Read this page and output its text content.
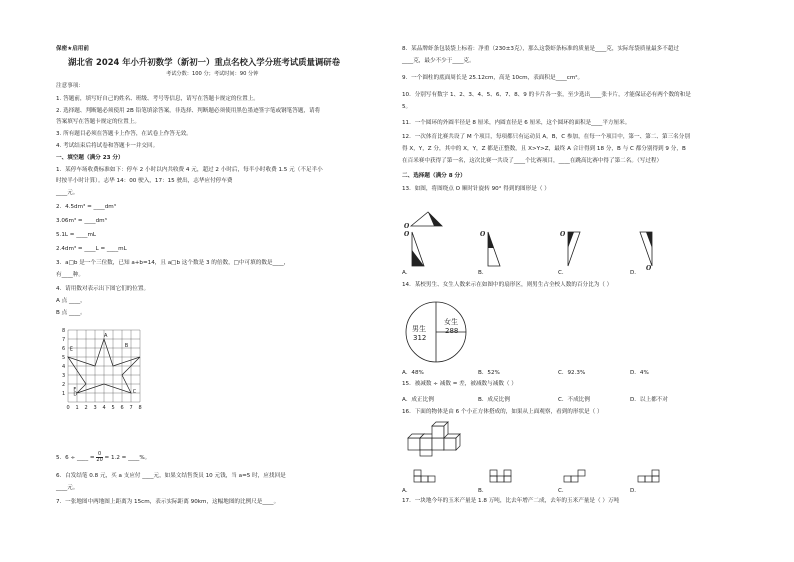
保密★启用前
湖北省 2024 年小升初数学（新初一）重点名校入学分班考试质量调研卷
考试分数：100 分；考试时间：90 分钟
注意事项：
1. 答题前，填写好自己的姓名、班级、考号等信息，请写在答题卡规定的位置上。
2. 选择题、判断题必须使用 2B 铅笔填涂答案，非选择、判断题必须使用黑色墨迹签字笔或钢笔答题，请将
答案填写在答题卡规定的位置上。
3. 所有题目必须在答题卡上作答，在试卷上作答无效。
4. 考试结束后将试卷和答题卡一并交回。
一、填空题（满分 23 分）
1．某停车场收费标准如下：停车 2 小时以内共收费 4 元，超过 2 小时后，每半小时收费 1.5 元（不足半小
时按半小时计算）。志华 14：00 驶入，17：15 驶出，志华应付停车费
____元。
2．4.5dm³ = ____dm³
3.06m³ = ____dm³
5.1L = ____mL
2.4dm³ = ____L = ____mL
3．a□b 是一个三位数，已知 a+b=14，且 a□b 这个数是 3 的倍数，□中可填的数是____，
有____种。
4．请用数对表示出下图它们的位置。
A 点 ____，
B 点 ____。
0 1 2 3 4 5 6 7 8
1
2
3
4
5
6
7
8
A
B
C
D
E
F
5．6 ÷ ____ = $\frac{0}{20} = 1.2$ = ____%。
6．白发结笔 0.8 元，买 a 支应付 ____元，如果文结售货员 10 元钱，当 a=5 时，应找回是
____元。
7．一张地图中两地图上距离为 15cm，表示实际距离 90km，这幅地图的比例尺是____。
8．某品牌虾条包装袋上标着：净重（230±3克），那么这袋虾条标准的质量是____克，实际每袋质量最多不超过
____克，最少不少于____克。
9．一个圆柱的底面周长是 25.12cm，高是 10cm，表面积是____cm²。
10．分别写有数字 1、2、3、4、5、6、7、8、9 的卡片各一张，至少选出____张卡片，才能保证必有两个数的和是
5。
11．一个圆环的外圆半径是 8 厘米，内圆直径是 6 厘米，这个圆环的面积是____平方厘米。
12．一次体育比赛共设了 M 个项目，每项都只有运动员 A，B，C 参加，在每一个项目中，第一、第二、第三名分别
得 X，Y，Z 分，其中的 X，Y，Z 都是正整数，且 X>Y>Z，最终 A 合计得到 18 分，B 与 C 都分别得到 9 分，B
在百米赛中获得了第一名，这次比赛一共设了____个比赛项目，____在跳高比赛中得了第二名。（写过程）
二、选择题（满分 8 分）
13．如图，将图绕点 O 顺时针旋转 90° 得到的图形是（ ）
O
O	O	O
O
A．	B．	C．	D．
14．某校男生、女生人数来示在如图中的扇形区，则男生占全校人数的百分比为（ ）
男生
312
女生
288
A．48%	B．52%	C．92.3%	D．4%
15．被减数 ÷ 减数 = 差，被减数与减数（ ）
A．成正比例	B．成反比例	C．不成比例	D．以上都不对
16．下面的物体是由 6 个小正方体搭成的，如果从上面观察，看到的形状是（ ）
A．	B．	C．	D．
17．一块地今年的玉米产量是 1.8 万吨，比去年增产二成，去年的玉米产量是（ ）万吨
